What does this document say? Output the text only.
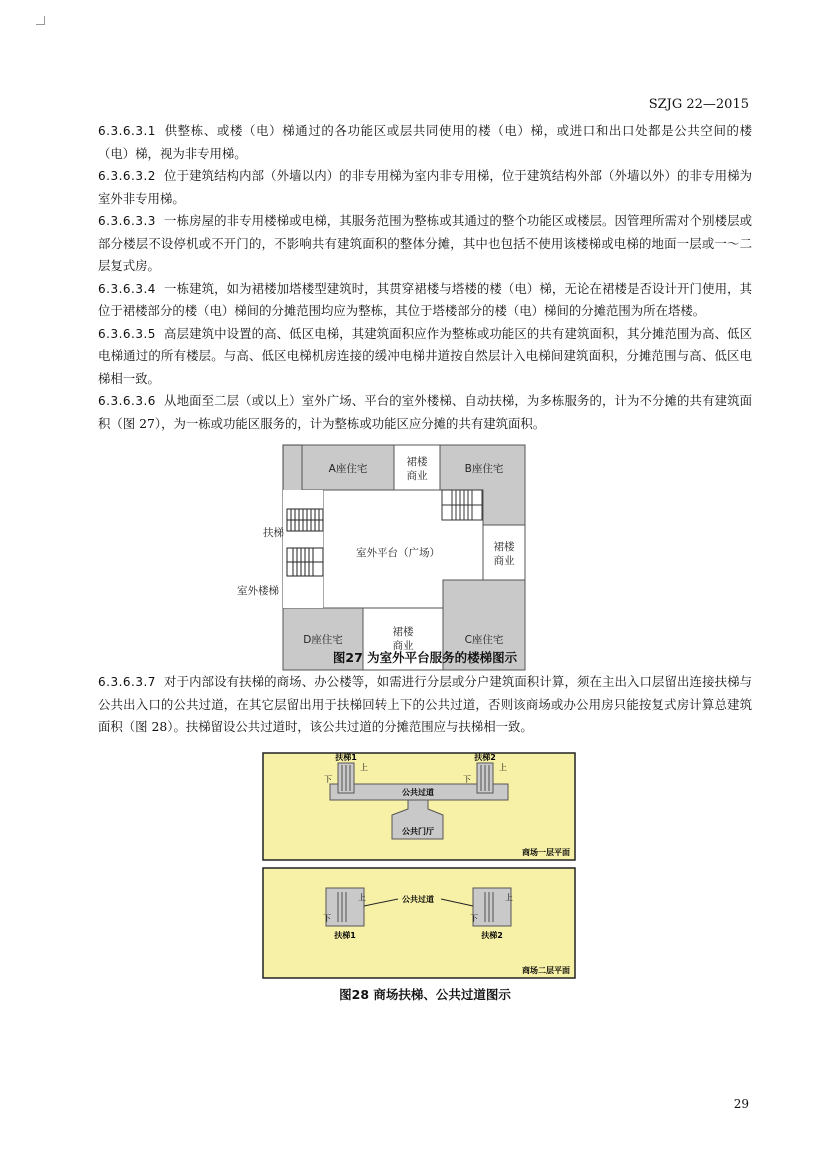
SZJG 22—2015

6.3.6.3.1 供整栋、或楼（电）梯通过的各功能区或层共同使用的楼（电）梯，或进口和出口处都是公共空间的楼（电）梯，视为非专用梯。

6.3.6.3.2 位于建筑结构内部（外墙以内）的非专用梯为室内非专用梯，位于建筑结构外部（外墙以外）的非专用梯为室外非专用梯。

6.3.6.3.3 一栋房屋的非专用楼梯或电梯，其服务范围为整栋或其通过的整个功能区或楼层。因管理所需对个别楼层或部分楼层不设停机或不开门的，不影响共有建筑面积的整体分摊，其中也包括不使用该楼梯或电梯的地面一层或一～二层复式房。

6.3.6.3.4 一栋建筑，如为裙楼加塔楼型建筑时，其贯穿裙楼与塔楼的楼（电）梯，无论在裙楼是否设计开门使用，其位于裙楼部分的楼（电）梯间的分摊范围均应为整栋，其位于塔楼部分的楼（电）梯间的分摊范围为所在塔楼。

6.3.6.3.5 高层建筑中设置的高、低区电梯，其建筑面积应作为整栋或功能区的共有建筑面积，其分摊范围为高、低区电梯通过的所有楼层。与高、低区电梯机房连接的缓冲电梯井道按自然层计入电梯间建筑面积，分摊范围与高、低区电梯相一致。

6.3.6.3.6 从地面至二层（或以上）室外广场、平台的室外楼梯、自动扶梯，为多栋服务的，计为不分摊的共有建筑面积（图 27），为一栋或功能区服务的，计为整栋或功能区应分摊的共有建筑面积。

A座住宅
裙楼
商业
B座住宅
室外平台（广场）	裙楼
商业
D座住宅
裙楼
商业	C座住宅
扶梯
室外楼梯
图27 为室外平台服务的楼梯图示

6.3.6.3.7 对于内部设有扶梯的商场、办公楼等，如需进行分层或分户建筑面积计算，须在主出入口层留出连接扶梯与公共出入口的公共过道，在其它层留出用于扶梯回转上下的公共过道，否则该商场或办公用房只能按复式房计算总建筑面积（图 28）。扶梯留设公共过道时，该公共过道的分摊范围应与扶梯相一致。

扶梯1	扶梯2
上
下
上
下
公共过道
公共门厅
商场一层平面
公共过道
上
下
上
下
扶梯1	扶梯2
商场二层平面
图28 商场扶梯、公共过道图示
29
